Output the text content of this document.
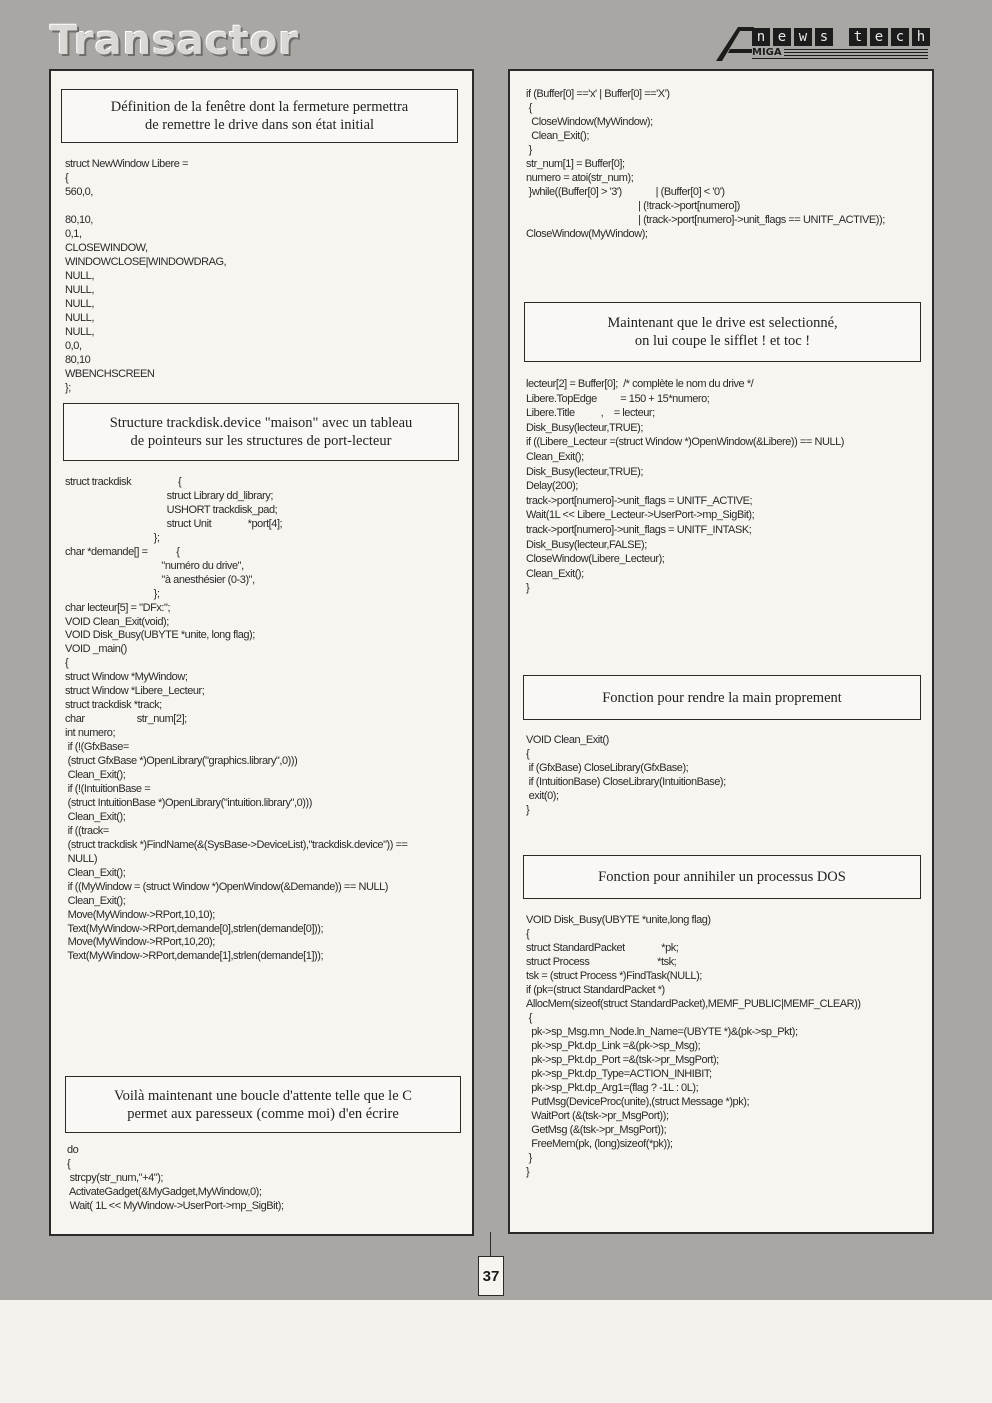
Transactor	n e w s	t e c h
MIGA
Définition de la fenêtre dont la fermeture permettra
de remettre le drive dans son état initial
struct NewWindow Libere =
{
560,0,

80,10,
0,1,
CLOSEWINDOW,
WINDOWCLOSE|WINDOWDRAG,
NULL,
NULL,
NULL,
NULL,
NULL,
0,0,
80,10
WBENCHSCREEN
};
Structure trackdisk.device "maison" avec un tableau
de pointeurs sur les structures de port-lecteur
struct trackdisk                  {
struct Library dd_library;
USHORT trackdisk_pad;
struct Unit              *port[4];
};
char *demande[] =           {
"numéro du drive",
"à anesthésier (0-3)",
};
char lecteur[5] = "DFx:";
VOID Clean_Exit(void);
VOID Disk_Busy(UBYTE *unite, long flag);
VOID _main()
{
struct Window *MyWindow;
struct Window *Libere_Lecteur;
struct trackdisk *track;
char                    str_num[2];
int numero;
if (!(GfxBase=
(struct GfxBase *)OpenLibrary("graphics.library",0)))
Clean_Exit();
if (!(IntuitionBase =
(struct IntuitionBase *)OpenLibrary("intuition.library",0)))
Clean_Exit();
if ((track=
(struct trackdisk *)FindName(&(SysBase->DeviceList),"trackdisk.device")) ==
NULL)
Clean_Exit();
if ((MyWindow = (struct Window *)OpenWindow(&Demande)) == NULL)
Clean_Exit();
Move(MyWindow->RPort,10,10);
Text(MyWindow->RPort,demande[0],strlen(demande[0]));
Move(MyWindow->RPort,10,20);
Text(MyWindow->RPort,demande[1],strlen(demande[1]));
Voilà maintenant une boucle d'attente telle que le C
permet aux paresseux (comme moi) d'en écrire
do
{
strcpy(str_num,"+4");
ActivateGadget(&MyGadget,MyWindow,0);
Wait( 1L << MyWindow->UserPort->mp_SigBit);
if (Buffer[0] =='x' | Buffer[0] =='X')
{
CloseWindow(MyWindow);
Clean_Exit();
}
str_num[1] = Buffer[0];
numero = atoi(str_num);
}while((Buffer[0] > '3')             | (Buffer[0] < '0')
| (!track->port[numero])
| (track->port[numero]->unit_flags == UNITF_ACTIVE));
CloseWindow(MyWindow);
Maintenant que le drive est selectionné,
on lui coupe le sifflet ! et toc !
lecteur[2] = Buffer[0];  /* complète le nom du drive */
Libere.TopEdge         = 150 + 15*numero;
Libere.Title          ,    = lecteur;
Disk_Busy(lecteur,TRUE);
if ((Libere_Lecteur =(struct Window *)OpenWindow(&Libere)) == NULL)
Clean_Exit();
Disk_Busy(lecteur,TRUE);
Delay(200);
track->port[numero]->unit_flags = UNITF_ACTIVE;
Wait(1L << Libere_Lecteur->UserPort->mp_SigBit);
track->port[numero]->unit_flags = UNITF_INTASK;
Disk_Busy(lecteur,FALSE);
CloseWindow(Libere_Lecteur);
Clean_Exit();
}
Fonction pour rendre la main proprement
VOID Clean_Exit()
{
if (GfxBase) CloseLibrary(GfxBase);
if (IntuitionBase) CloseLibrary(IntuitionBase);
exit(0);
}
Fonction pour annihiler un processus DOS
VOID Disk_Busy(UBYTE *unite,long flag)
{
struct StandardPacket              *pk;
struct Process                          *tsk;
tsk = (struct Process *)FindTask(NULL);
if (pk=(struct StandardPacket *)
AllocMem(sizeof(struct StandardPacket),MEMF_PUBLIC|MEMF_CLEAR))
{
pk->sp_Msg.mn_Node.ln_Name=(UBYTE *)&(pk->sp_Pkt);
pk->sp_Pkt.dp_Link =&(pk->sp_Msg);
pk->sp_Pkt.dp_Port =&(tsk->pr_MsgPort);
pk->sp_Pkt.dp_Type=ACTION_INHIBIT;
pk->sp_Pkt.dp_Arg1=(flag ? -1L : 0L);
PutMsg(DeviceProc(unite),(struct Message *)pk);
WaitPort (&(tsk->pr_MsgPort));
GetMsg (&(tsk->pr_MsgPort));
FreeMem(pk, (long)sizeof(*pk));
}
}
37
